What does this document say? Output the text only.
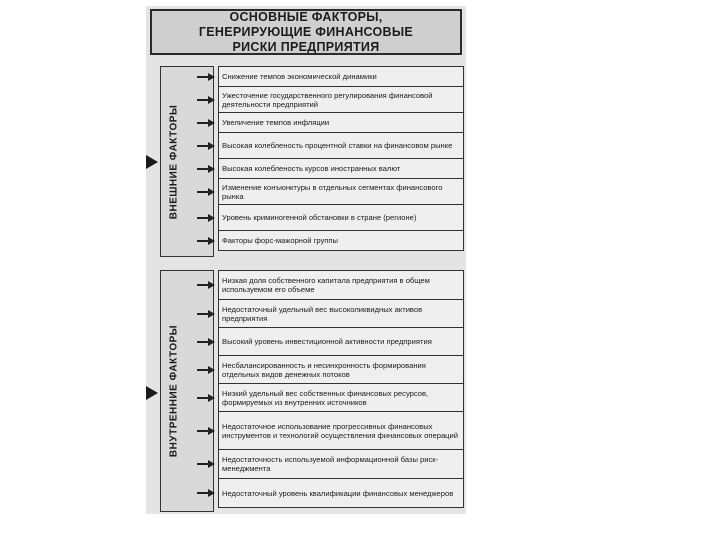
ОСНОВНЫЕ ФАКТОРЫ, ГЕНЕРИРУЮЩИЕ ФИНАНСОВЫЕ РИСКИ ПРЕДПРИЯТИЯ
ВНЕШНИЕ ФАКТОРЫ
Снижение темпов экономической динамики
Ужесточение государственного регулирования финансовой деятельности предприятий
Увеличение темпов инфляции
Высокая колебленость процентной ставки на финансовом рынке
Высокая колебленость курсов иностранных валют
Изменение конъюнктуры в отдельных сегментах финансового рынка
Уровень криминогенной обстановки в стране (регионе)
Факторы форс-мажорной группы
ВНУТРЕННИЕ ФАКТОРЫ
Низкая доля собственного капитала предприятия в общем используемом его объеме
Недостаточный удельный вес высоколиквидных активов предприятия
Высокий уровень инвестиционной активности предприятия
Несбалансированность и несинхронность формирования отдельных видов денежных потоков
Низкий удельный вес собственных финансовых ресурсов, формируемых из внутренних источников
Недостаточное использование прогрессивных финансовых инструментов и технологий осуществления финансовых операций
Недостаточность используемой информационной базы риск-менеджмента
Недостаточный уровень квалификации финансовых менеджеров
